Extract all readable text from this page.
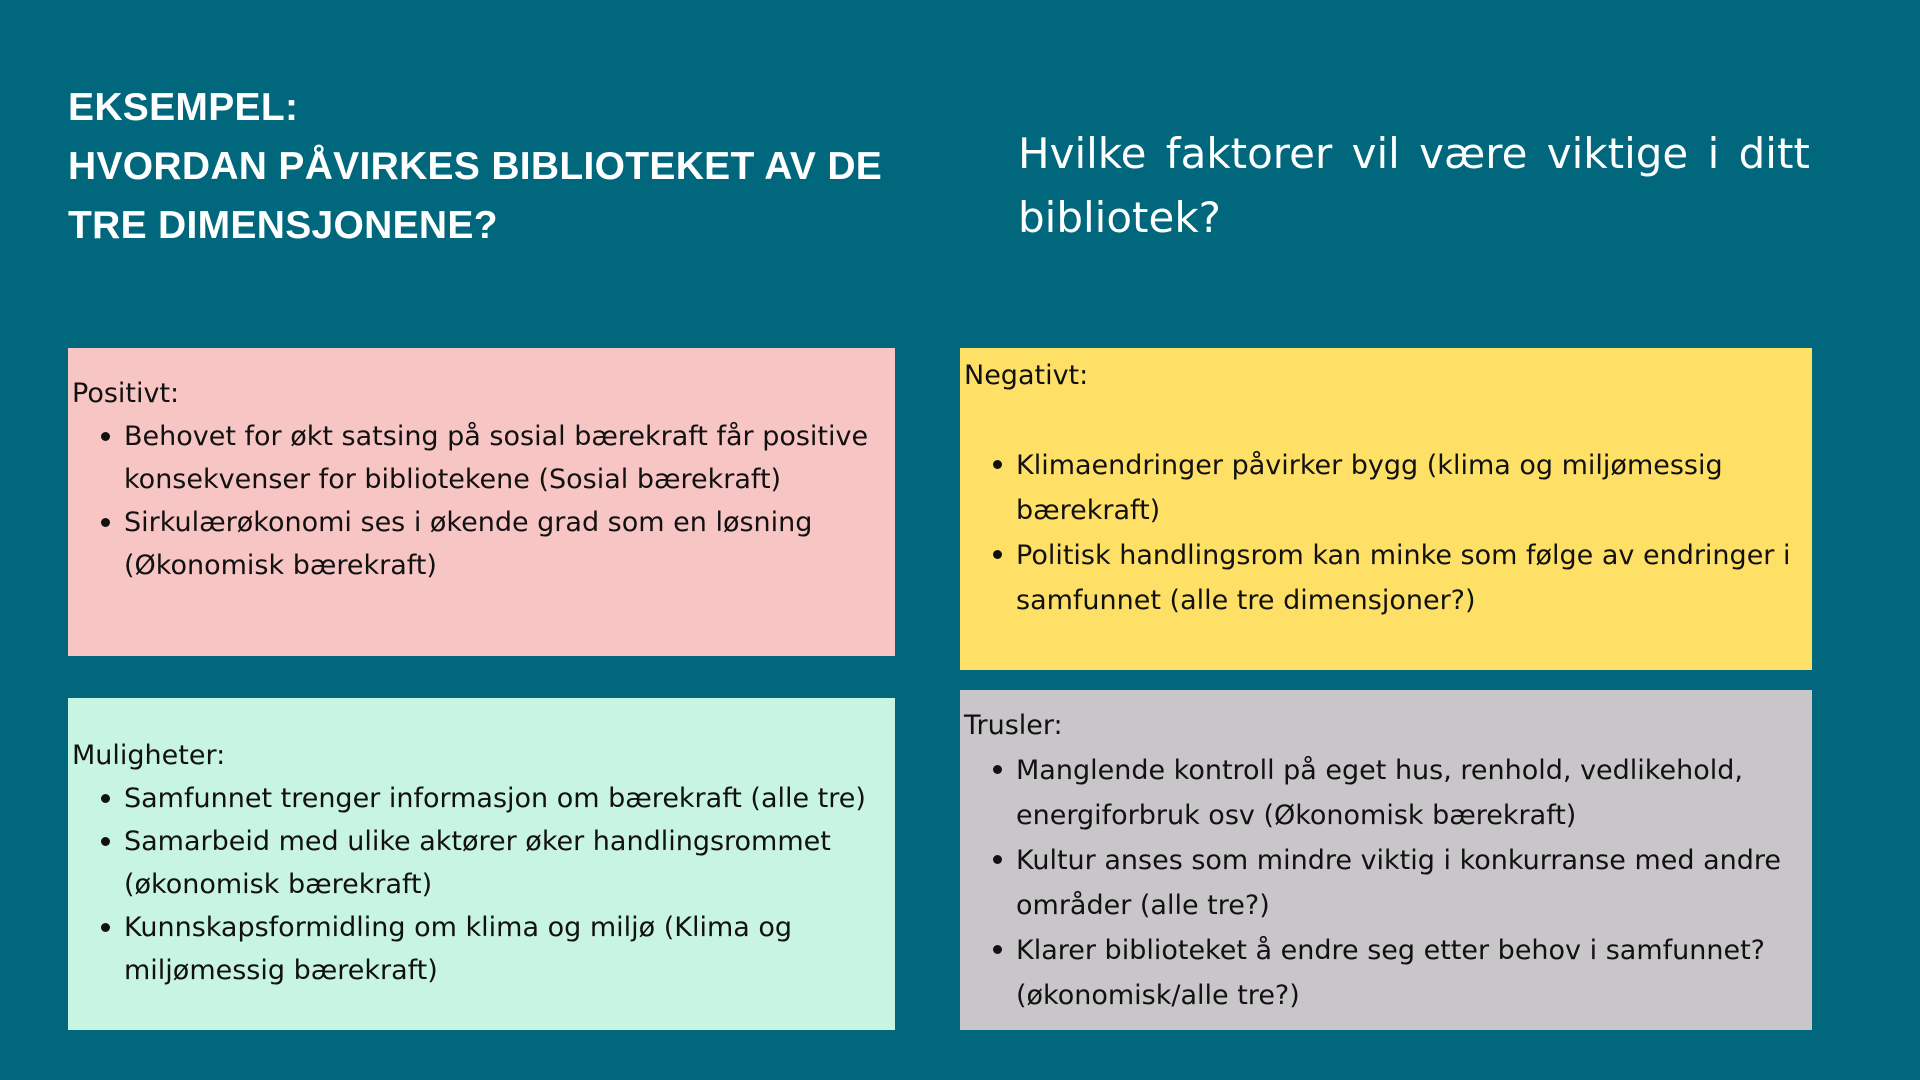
EKSEMPEL:
HVORDAN PÅVIRKES BIBLIOTEKET AV DE
TRE DIMENSJONENE?
Hvilke faktorer vil være viktige i ditt bibliotek?
Positivt:
Behovet for økt satsing på sosial bærekraft får positive konsekvenser for bibliotekene (Sosial bærekraft)
Sirkulærøkonomi ses i økende grad som en løsning (Økonomisk bærekraft)
Negativt:
Klimaendringer påvirker bygg (klima og miljømessig bærekraft)
Politisk handlingsrom kan minke som følge av endringer i samfunnet (alle tre dimensjoner?)
Muligheter:
Samfunnet trenger informasjon om bærekraft (alle tre)
Samarbeid med ulike aktører øker handlingsrommet (økonomisk bærekraft)
Kunnskapsformidling om klima og miljø (Klima og miljømessig bærekraft)
Trusler:
Manglende kontroll på eget hus, renhold, vedlikehold, energiforbruk osv (Økonomisk bærekraft)
Kultur anses som mindre viktig i konkurranse med andre områder (alle tre?)
Klarer biblioteket å endre seg etter behov i samfunnet? (økonomisk/alle tre?)
